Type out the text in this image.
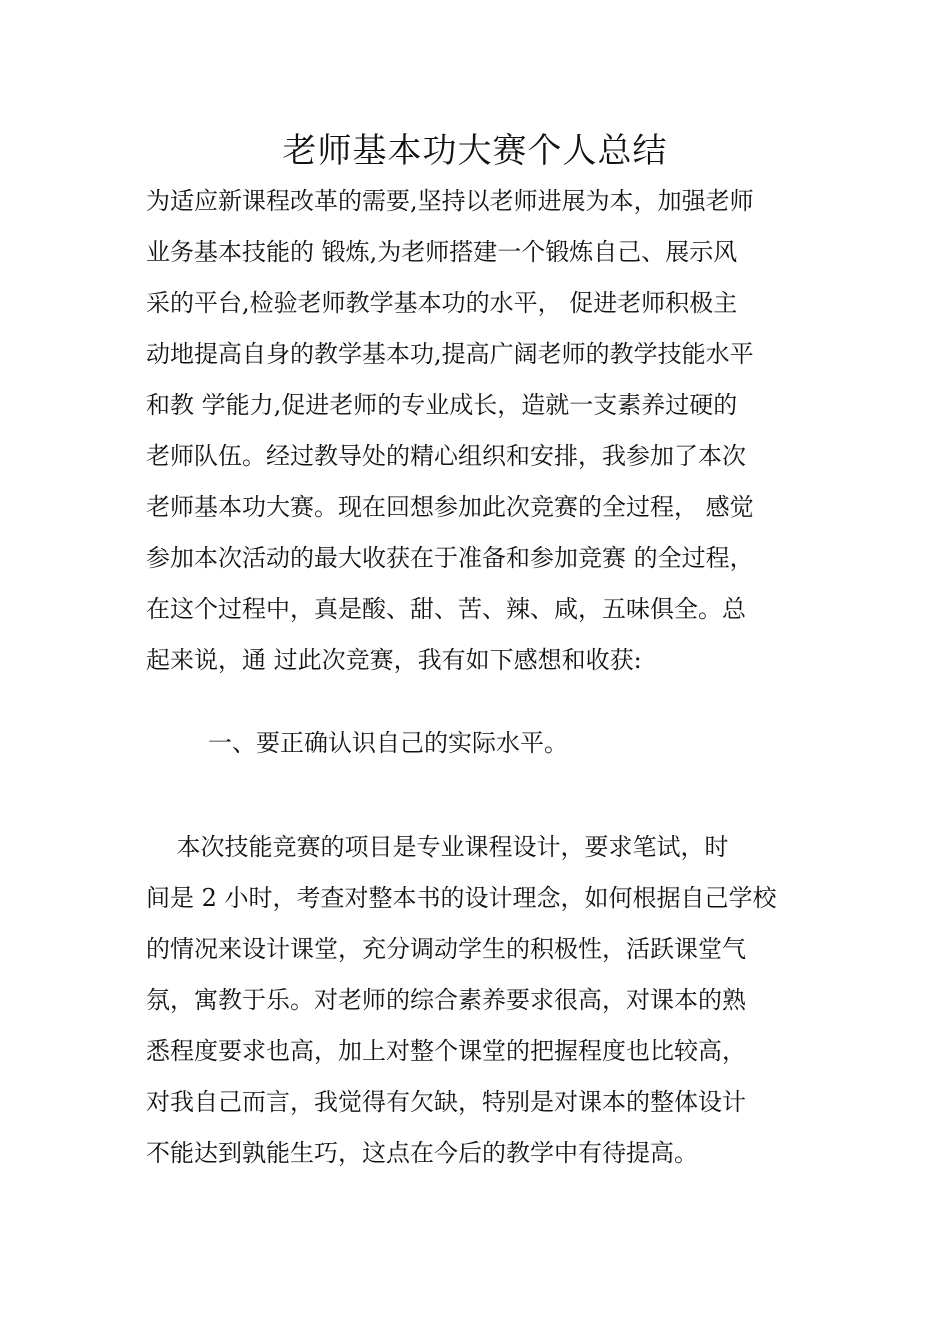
老师基本功大赛个人总结
为适应新课程改革的需要,坚持以老师进展为本，加强老师
业务基本技能的 锻炼,为老师搭建一个锻炼自己、展示风
采的平台,检验老师教学基本功的水平， 促进老师积极主
动地提高自身的教学基本功,提高广阔老师的教学技能水平
和教 学能力,促进老师的专业成长，造就一支素养过硬的
老师队伍。经过教导处的精心组织和安排，我参加了本次
老师基本功大赛。现在回想参加此次竞赛的全过程， 感觉
参加本次活动的最大收获在于准备和参加竞赛 的全过程，
在这个过程中，真是酸、甜、苦、辣、咸，五味俱全。总
起来说，通 过此次竞赛，我有如下感想和收获:
一、要正确认识自己的实际水平。
本次技能竞赛的项目是专业课程设计，要求笔试，时
间是 2 小时，考查对整本书的设计理念，如何根据自己学校
的情况来设计课堂，充分调动学生的积极性，活跃课堂气
氛，寓教于乐。对老师的综合素养要求很高，对课本的熟
悉程度要求也高，加上对整个课堂的把握程度也比较高，
对我自己而言，我觉得有欠缺，特别是对课本的整体设计
不能达到孰能生巧，这点在今后的教学中有待提高。
